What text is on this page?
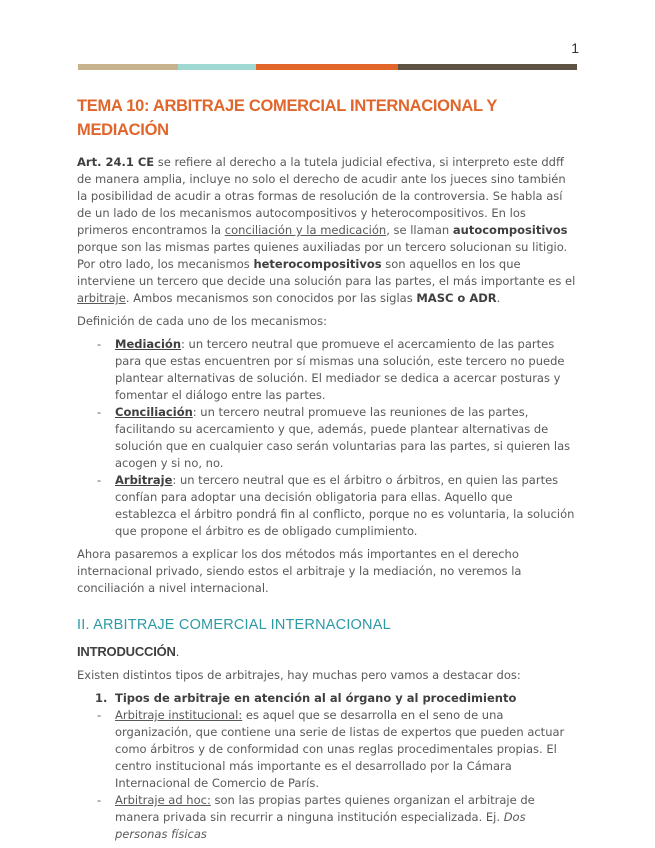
1
TEMA 10: ARBITRAJE COMERCIAL INTERNACIONAL Y MEDIACIÓN

Art. 24.1 CE se refiere al derecho a la tutela judicial efectiva, si interpreto este ddff de manera amplia, incluye no solo el derecho de acudir ante los jueces sino también la posibilidad de acudir a otras formas de resolución de la controversia. Se habla así de un lado de los mecanismos autocompositivos y heterocompositivos. En los primeros encontramos la conciliación y la medicación, se llaman autocompositivos porque son las mismas partes quienes auxiliadas por un tercero solucionan su litigio. Por otro lado, los mecanismos heterocompositivos son aquellos en los que interviene un tercero que decide una solución para las partes, el más importante es el arbitraje. Ambos mecanismos son conocidos por las siglas MASC o ADR.

Definición de cada uno de los mecanismos:

- Mediación: un tercero neutral que promueve el acercamiento de las partes para que estas encuentren por sí mismas una solución, este tercero no puede plantear alternativas de solución. El mediador se dedica a acercar posturas y fomentar el diálogo entre las partes.
- Conciliación: un tercero neutral promueve las reuniones de las partes, facilitando su acercamiento y que, además, puede plantear alternativas de solución que en cualquier caso serán voluntarias para las partes, si quieren las acogen y si no, no.
- Arbitraje: un tercero neutral que es el árbitro o árbitros, en quien las partes confían para adoptar una decisión obligatoria para ellas. Aquello que establezca el árbitro pondrá fin al conflicto, porque no es voluntaria, la solución que propone el árbitro es de obligado cumplimiento.

Ahora pasaremos a explicar los dos métodos más importantes en el derecho internacional privado, siendo estos el arbitraje y la mediación, no veremos la conciliación a nivel internacional.

II. ARBITRAJE COMERCIAL INTERNACIONAL
INTRODUCCIÓN.

Existen distintos tipos de arbitrajes, hay muchas pero vamos a destacar dos:

1. Tipos de arbitraje en atención al al órgano y al procedimiento
- Arbitraje institucional: es aquel que se desarrolla en el seno de una organización, que contiene una serie de listas de expertos que pueden actuar como árbitros y de conformidad con unas reglas procedimentales propias. El centro institucional más importante es el desarrollado por la Cámara Internacional de Comercio de París.
- Arbitraje ad hoc: son las propias partes quienes organizan el arbitraje de manera privada sin recurrir a ninguna institución especializada. Ej. Dos personas físicas
